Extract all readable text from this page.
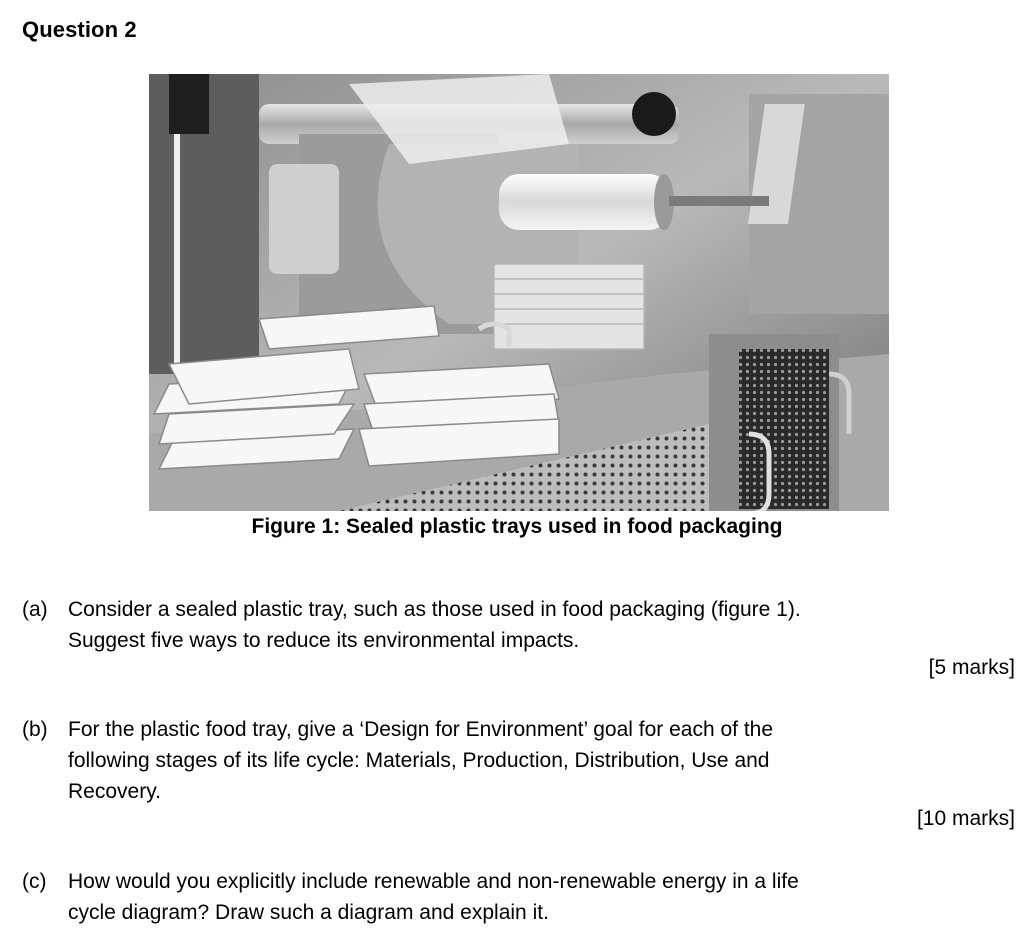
Question 2
Figure 1: Sealed plastic trays used in food packaging
(a) Consider a sealed plastic tray, such as those used in food packaging (figure 1).
Suggest five ways to reduce its environmental impacts.
[5 marks]
(b) For the plastic food tray, give a ‘Design for Environment’ goal for each of the
following stages of its life cycle: Materials, Production, Distribution, Use and
Recovery.
[10 marks]
(c) How would you explicitly include renewable and non-renewable energy in a life
cycle diagram? Draw such a diagram and explain it.
